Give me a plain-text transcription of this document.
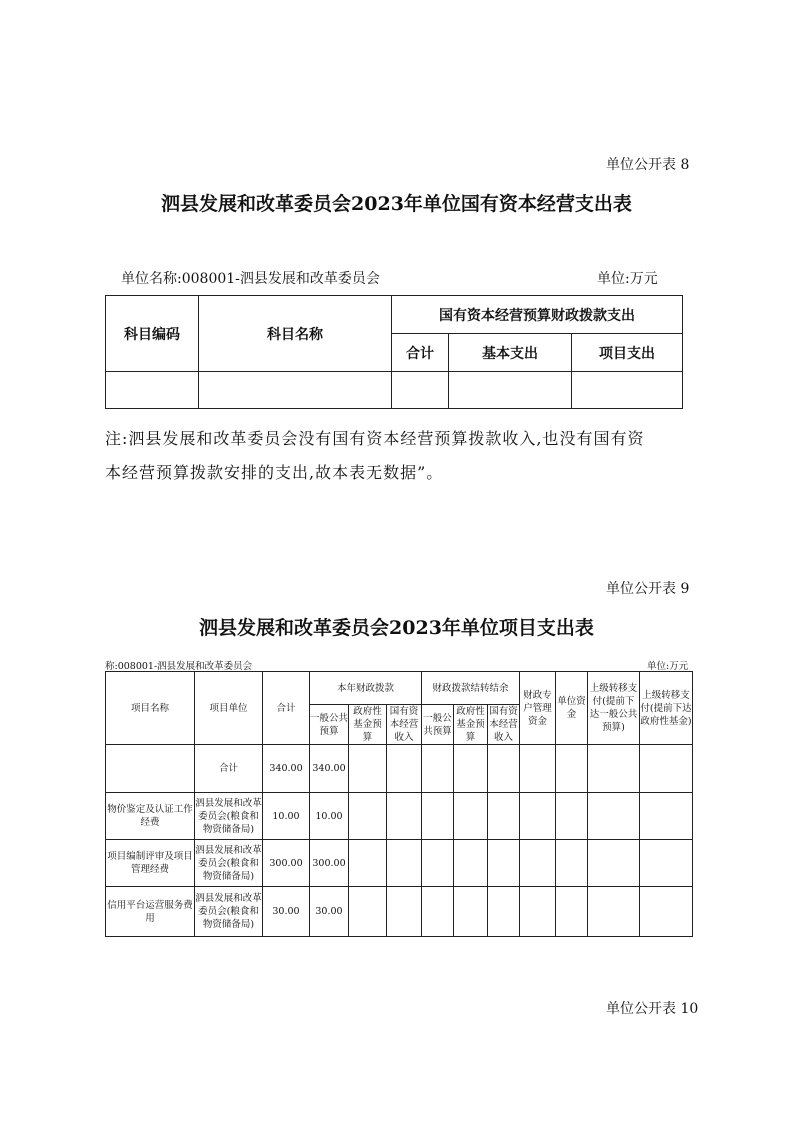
单位公开表 8
泗县发展和改革委员会2023年单位国有资本经营支出表
单位名称:008001-泗县发展和改革委员会	单位:万元
科目编码	科目名称	国有资本经营预算财政拨款支出		
		合计	基本支出	项目支出

注:泗县发展和改革委员会没有国有资本经营预算拨款收入,也没有国有资
本经营预算拨款安排的支出,故本表无数据”。
单位公开表 9
泗县发展和改革委员会2023年单位项目支出表
称:008001-泗县发展和改革委员会	单位:万元
项目名称	项目单位	合计	本年财政拨款			财政拨款结转结余			财政专户管理资金	单位资金	上级转移支付(提前下达一般公共预算)	上级转移支付(提前下达政府性基金)
			一般公共预算	政府性基金预算	国有资本经营收入	一般公共预算	政府性基金预算	国有资本经营收入				
	合计	340.00	340.00									
物价鉴定及认证工作经费	泗县发展和改革委员会(粮食和物资储备局)	10.00	10.00									
项目编制评审及项目管理经费	泗县发展和改革委员会(粮食和物资储备局)	300.00	300.00									
信用平台运营服务费用	泗县发展和改革委员会(粮食和物资储备局)	30.00	30.00									
单位公开表 10
